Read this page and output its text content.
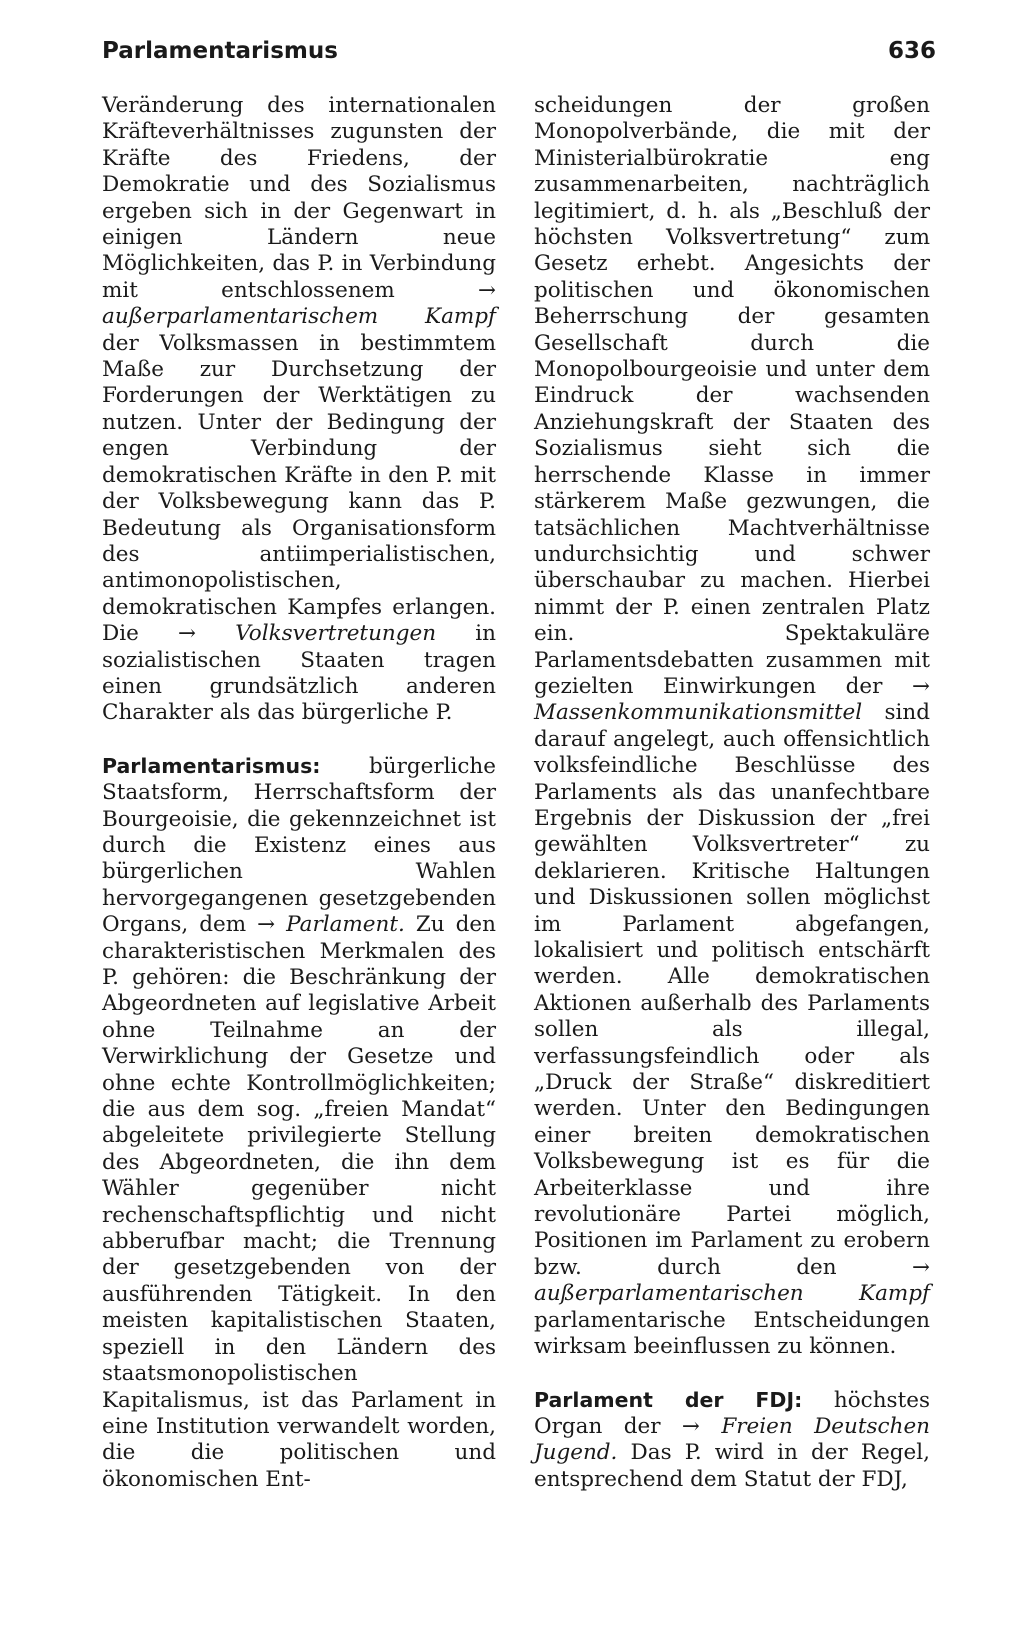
Parlamentarismus	636

Veränderung des internationalen Kräfteverhältnisses zugunsten der Kräfte des Friedens, der Demokratie und des Sozialismus ergeben sich in der Gegenwart in einigen Ländern neue Möglichkeiten, das P. in Verbindung mit entschlossenem → außerparlamentarischem Kampf der Volksmassen in bestimmtem Maße zur Durchsetzung der Forderungen der Werktätigen zu nutzen. Unter der Bedingung der engen Verbindung der demokratischen Kräfte in den P. mit der Volksbewegung kann das P. Bedeutung als Organisationsform des antiimperialistischen, antimonopolistischen, demokratischen Kampfes erlangen. Die → Volksvertretungen in sozialistischen Staaten tragen einen grundsätzlich anderen Charakter als das bürgerliche P.

Parlamentarismus: bürgerliche Staatsform, Herrschaftsform der Bourgeoisie, die gekennzeichnet ist durch die Existenz eines aus bürgerlichen Wahlen hervorgegangenen gesetzgebenden Organs, dem → Parlament. Zu den charakteristischen Merkmalen des P. gehören: die Beschränkung der Abgeordneten auf legislative Arbeit ohne Teilnahme an der Verwirklichung der Gesetze und ohne echte Kontrollmöglichkeiten; die aus dem sog. „freien Mandat“ abgeleitete privilegierte Stellung des Abgeordneten, die ihn dem Wähler gegenüber nicht rechenschaftspflichtig und nicht abberufbar macht; die Trennung der gesetzgebenden von der ausführenden Tätigkeit. In den meisten kapitalistischen Staaten, speziell in den Ländern des staatsmonopolistischen Kapitalismus, ist das Parlament in eine Institution verwandelt worden, die die politischen und ökonomischen Ent-

scheidungen der großen Monopolverbände, die mit der Ministerialbürokratie eng zusammenarbeiten, nachträglich legitimiert, d. h. als „Beschluß der höchsten Volksvertretung“ zum Gesetz erhebt. Angesichts der politischen und ökonomischen Beherrschung der gesamten Gesellschaft durch die Monopolbourgeoisie und unter dem Eindruck der wachsenden Anziehungskraft der Staaten des Sozialismus sieht sich die herrschende Klasse in immer stärkerem Maße gezwungen, die tatsächlichen Machtverhältnisse undurchsichtig und schwer überschaubar zu machen. Hierbei nimmt der P. einen zentralen Platz ein. Spektakuläre Parlamentsdebatten zusammen mit gezielten Einwirkungen der → Massenkommunikationsmittel sind darauf angelegt, auch offensichtlich volksfeindliche Beschlüsse des Parlaments als das unanfechtbare Ergebnis der Diskussion der „frei gewählten Volksvertreter“ zu deklarieren. Kritische Haltungen und Diskussionen sollen möglichst im Parlament abgefangen, lokalisiert und politisch entschärft werden. Alle demokratischen Aktionen außerhalb des Parlaments sollen als illegal, verfassungsfeindlich oder als „Druck der Straße“ diskreditiert werden. Unter den Bedingungen einer breiten demokratischen Volksbewegung ist es für die Arbeiterklasse und ihre revolutionäre Partei möglich, Positionen im Parlament zu erobern bzw. durch den → außerparlamentarischen Kampf parlamentarische Entscheidungen wirksam beeinflussen zu können.

Parlament der FDJ: höchstes Organ der → Freien Deutschen Jugend. Das P. wird in der Regel, entsprechend dem Statut der FDJ,
